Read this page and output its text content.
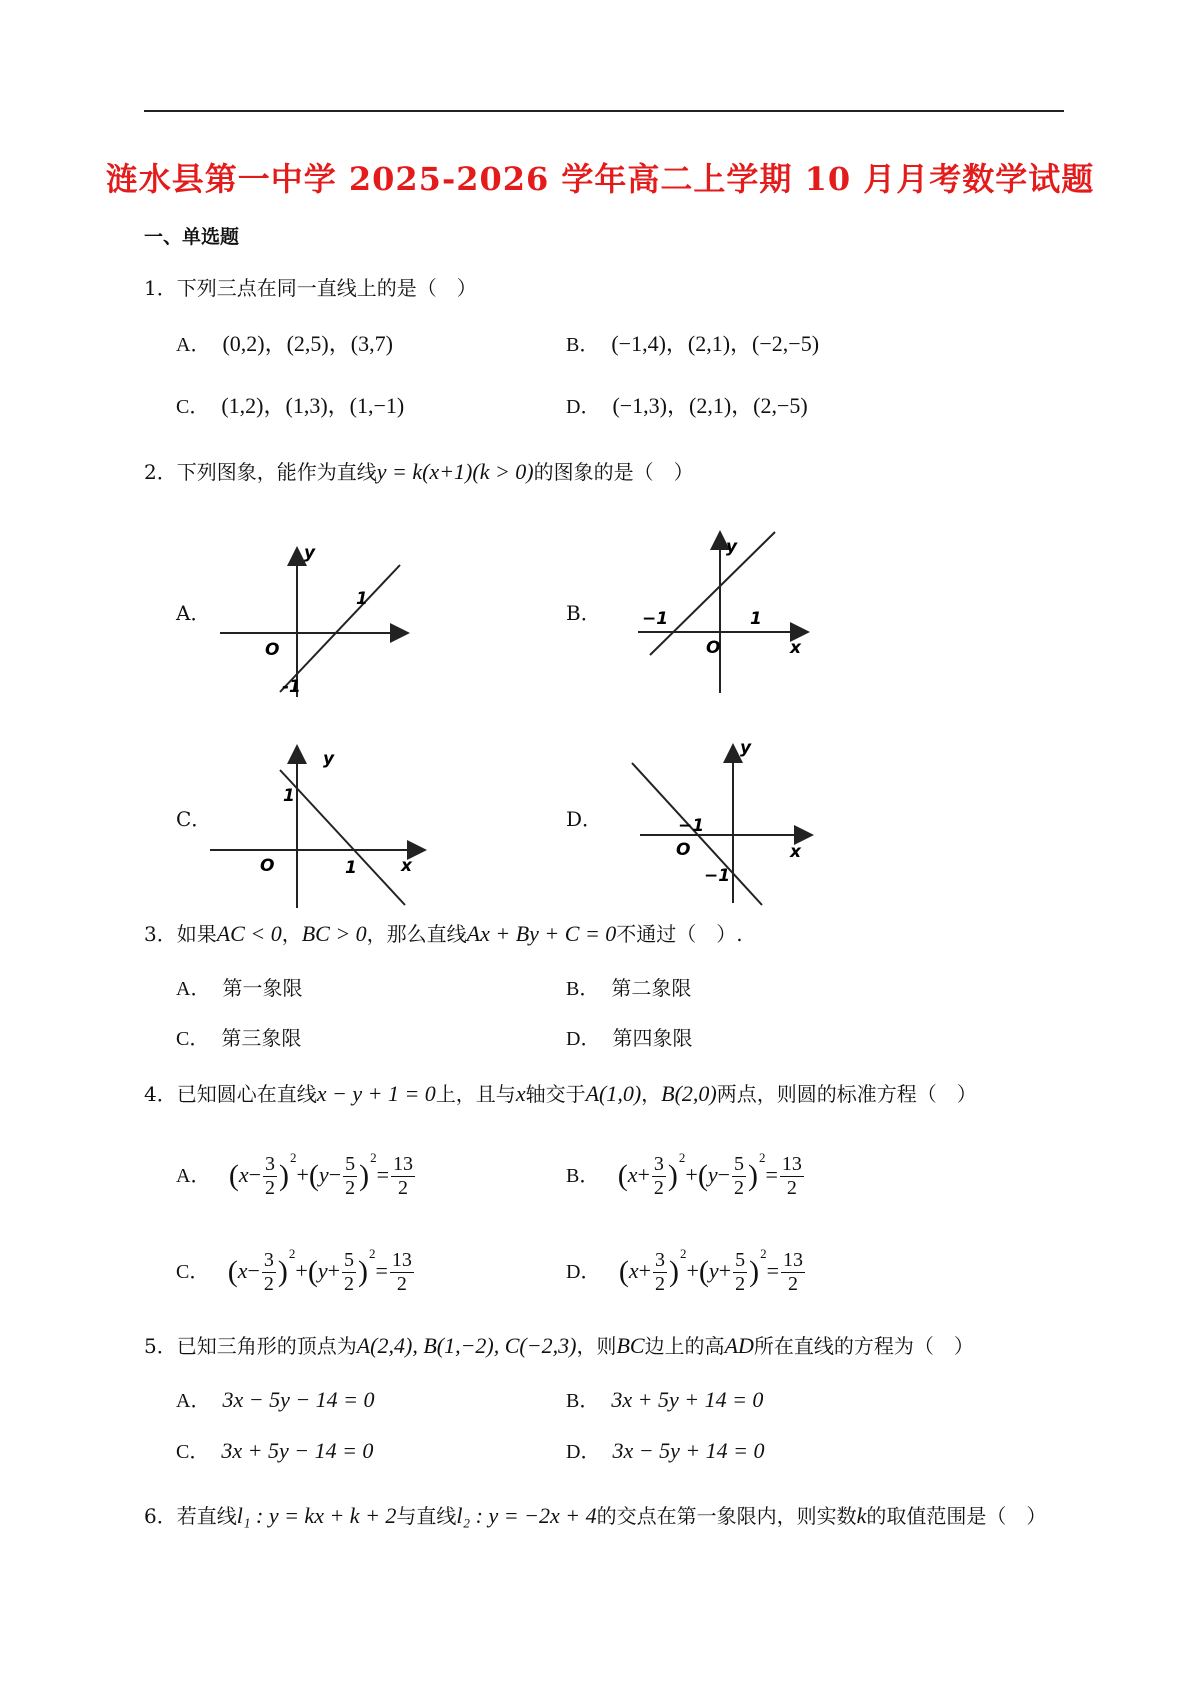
涟水县第一中学 2025-2026 学年高二上学期 10 月月考数学试题
一、单选题
1．下列三点在同一直线上的是（　）
A． (0,2)，(2,5)，(3,7)	B． (−1,4)，(2,1)，(−2,−5)
C． (1,2)，(1,3)，(1,−1)	D． (−1,3)，(2,1)，(2,−5)
2．下列图象，能作为直线y = k(x+1)(k > 0)的图象的是（　）
A．
y
O
1
-1
B．
y
x
O
1
−1
C．
y
x
O
1
1
D．
y
x
O
−1
−1
3．如果AC < 0，BC > 0，那么直线Ax + By + C = 0不通过（　）.
A． 第一象限	B． 第二象限
C． 第三象限	D． 第四象限
4．已知圆心在直线x − y + 1 = 0上，且与x轴交于A(1,0)，B(2,0)两点，则圆的标准方程（　）
A． $(x- \frac{3}{2} )^2+(y- \frac{5}{2} )^2= \frac{13}{2}$	B． $(x+ \frac{3}{2} )^2+(y- \frac{5}{2} )^2= \frac{13}{2}$
C． $(x- \frac{3}{2} )^2+(y+ \frac{5}{2} )^2= \frac{13}{2}$	D． $(x+ \frac{3}{2} )^2+(y+ \frac{5}{2} )^2= \frac{13}{2}$
5．已知三角形的顶点为A(2,4), B(1,−2), C(−2,3)，则BC边上的高AD所在直线的方程为（　）
A． 3x − 5y − 14 = 0	B． 3x + 5y + 14 = 0
C． 3x + 5y − 14 = 0	D． 3x − 5y + 14 = 0
6．若直线l₁ : y = kx + k + 2与直线l₂ : y = −2x + 4的交点在第一象限内，则实数k的取值范围是（　）
